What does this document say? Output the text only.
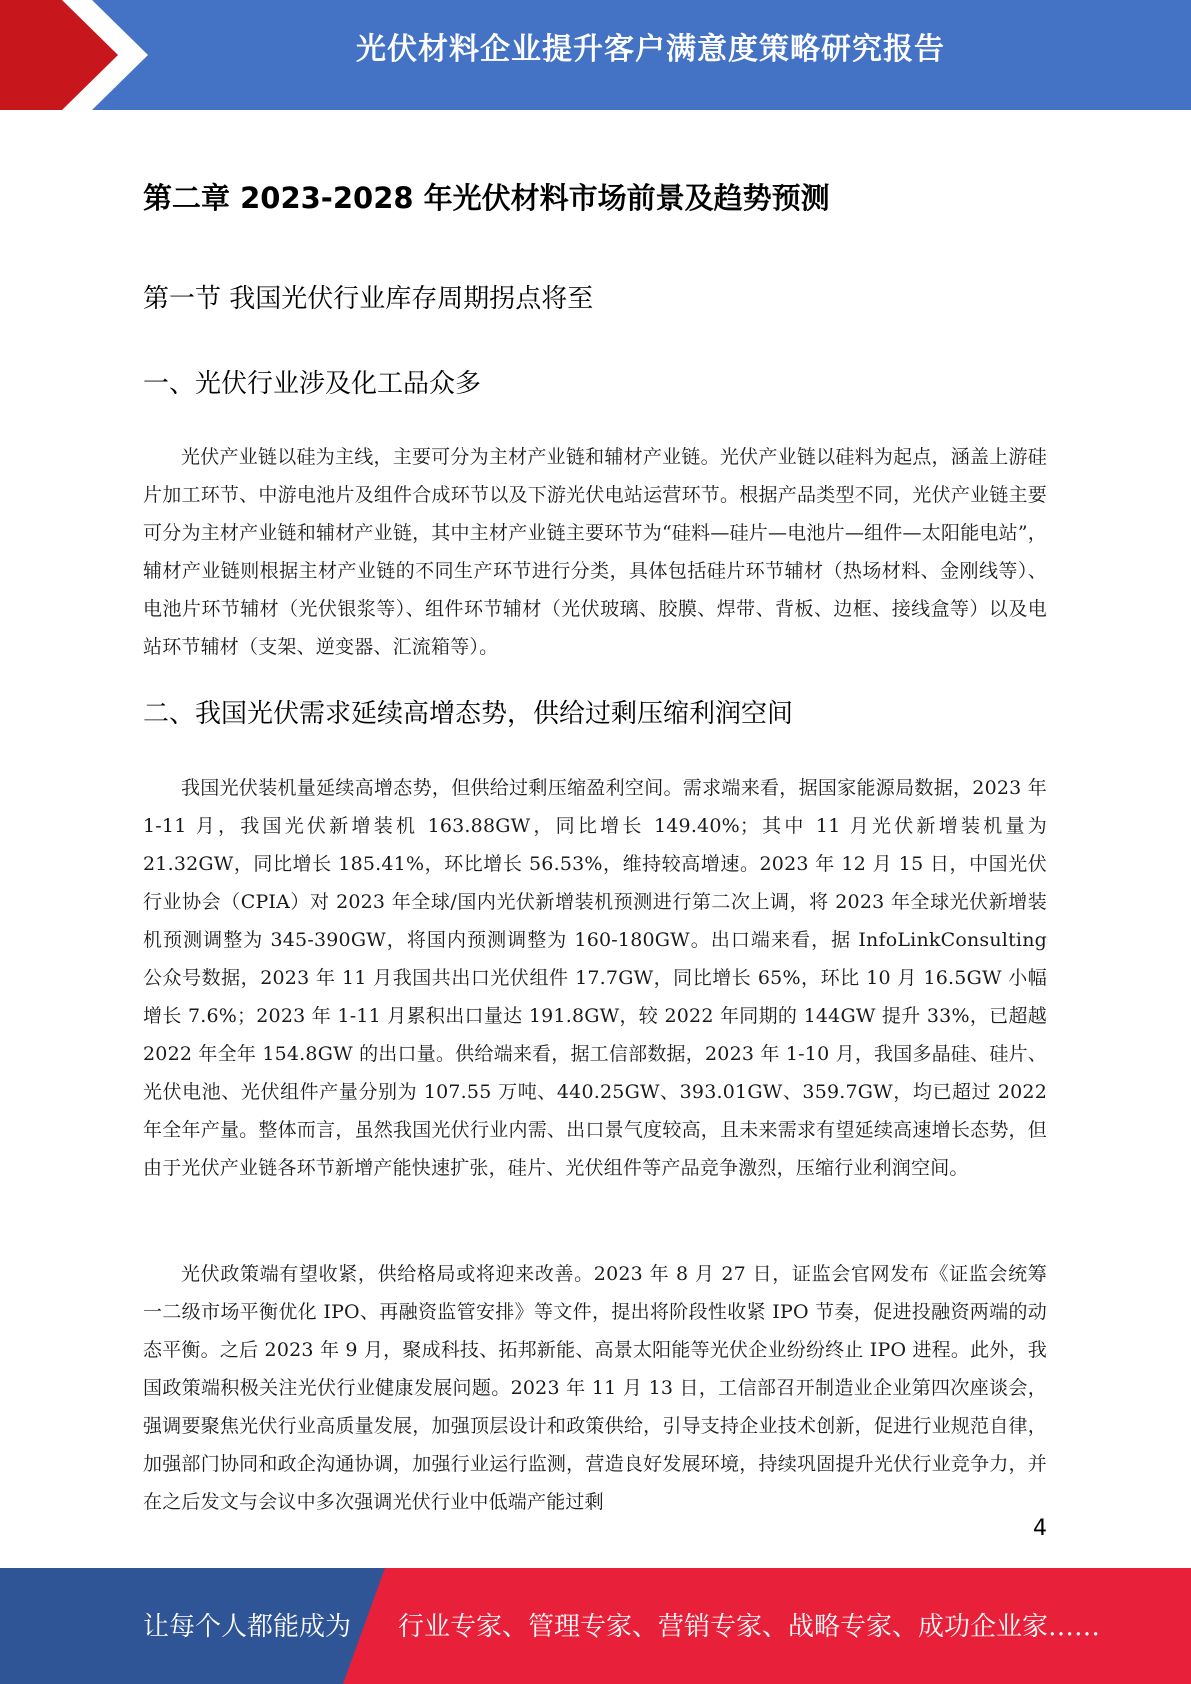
光伏材料企业提升客户满意度策略研究报告
第二章 2023-2028 年光伏材料市场前景及趋势预测
第一节 我国光伏行业库存周期拐点将至
一、光伏行业涉及化工品众多

光伏产业链以硅为主线，主要可分为主材产业链和辅材产业链。光伏产业链以硅料为起点，涵盖上游硅片加工环节、中游电池片及组件合成环节以及下游光伏电站运营环节。根据产品类型不同，光伏产业链主要可分为主材产业链和辅材产业链，其中主材产业链主要环节为“硅料—硅片—电池片—组件—太阳能电站”，辅材产业链则根据主材产业链的不同生产环节进行分类，具体包括硅片环节辅材（热场材料、金刚线等）、电池片环节辅材（光伏银浆等）、组件环节辅材（光伏玻璃、胶膜、焊带、背板、边框、接线盒等）以及电站环节辅材（支架、逆变器、汇流箱等）。

二、我国光伏需求延续高增态势，供给过剩压缩利润空间

我国光伏装机量延续高增态势，但供给过剩压缩盈利空间。需求端来看，据国家能源局数据，2023 年 1-11 月，我国光伏新增装机 163.88GW，同比增长 149.40%；其中 11 月光伏新增装机量为 21.32GW，同比增长 185.41%，环比增长 56.53%，维持较高增速。2023 年 12 月 15 日，中国光伏行业协会（CPIA）对 2023 年全球/国内光伏新增装机预测进行第二次上调，将 2023 年全球光伏新增装机预测调整为 345-390GW，将国内预测调整为 160-180GW。出口端来看，据 InfoLinkConsulting 公众号数据，2023 年 11 月我国共出口光伏组件 17.7GW，同比增长 65%，环比 10 月 16.5GW 小幅增长 7.6%；2023 年 1-11 月累积出口量达 191.8GW，较 2022 年同期的 144GW 提升 33%，已超越 2022 年全年 154.8GW 的出口量。供给端来看，据工信部数据，2023 年 1-10 月，我国多晶硅、硅片、光伏电池、光伏组件产量分别为 107.55 万吨、440.25GW、393.01GW、359.7GW，均已超过 2022 年全年产量。整体而言，虽然我国光伏行业内需、出口景气度较高，且未来需求有望延续高速增长态势，但由于光伏产业链各环节新增产能快速扩张，硅片、光伏组件等产品竞争激烈，压缩行业利润空间。

光伏政策端有望收紧，供给格局或将迎来改善。2023 年 8 月 27 日，证监会官网发布《证监会统筹一二级市场平衡优化 IPO、再融资监管安排》等文件，提出将阶段性收紧 IPO 节奏，促进投融资两端的动态平衡。之后 2023 年 9 月，聚成科技、拓邦新能、高景太阳能等光伏企业纷纷终止 IPO 进程。此外，我国政策端积极关注光伏行业健康发展问题。2023 年 11 月 13 日，工信部召开制造业企业第四次座谈会，强调要聚焦光伏行业高质量发展，加强顶层设计和政策供给，引导支持企业技术创新，促进行业规范自律，加强部门协同和政企沟通协调，加强行业运行监测，营造良好发展环境，持续巩固提升光伏行业竞争力，并在之后发文与会议中多次强调光伏行业中低端产能过剩

4
让每个人都能成为 行业专家、管理专家、营销专家、战略专家、成功企业家……
